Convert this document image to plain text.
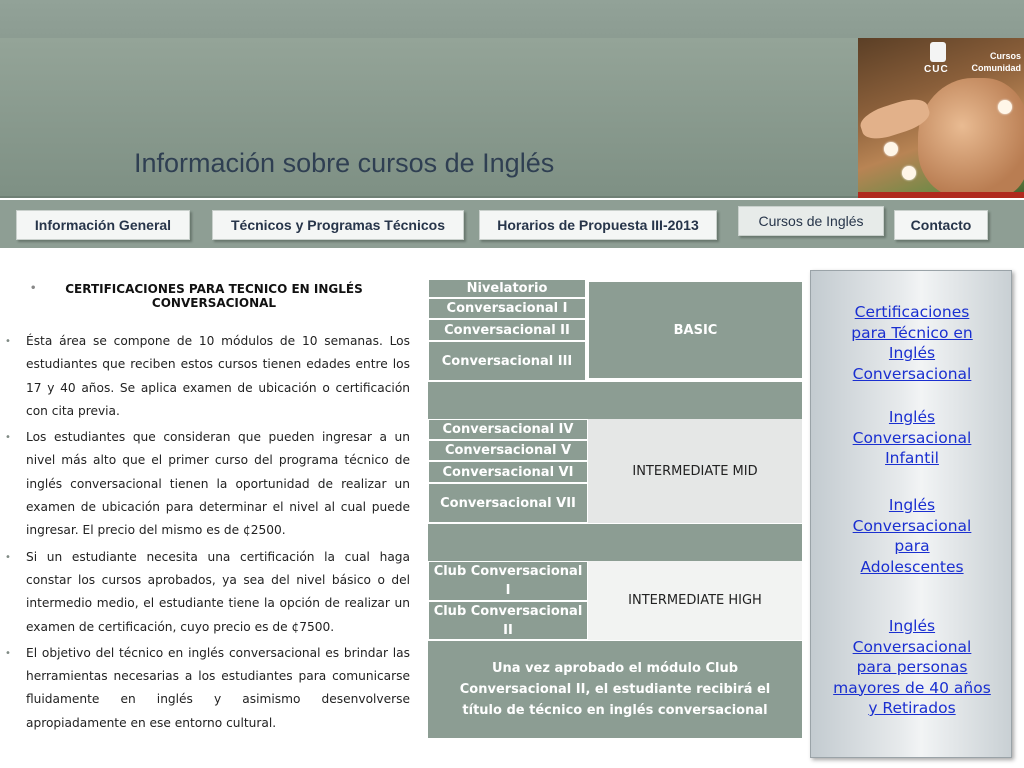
Información sobre cursos de Inglés
CUC
Cursos
Comunidad
Información General	Técnicos y Programas Técnicos	Horarios de Propuesta III-2013	Cursos de Inglés	Contacto
• CERTIFICACIONES PARA TECNICO EN INGLÉS CONVERSACIONAL
• Ésta área se compone de 10 módulos de 10 semanas. Los estudiantes que reciben estos cursos tienen edades entre los 17 y 40 años. Se aplica examen de ubicación o certificación con cita previa.
• Los estudiantes que consideran que pueden ingresar a un nivel más alto que el primer curso del programa técnico de inglés conversacional tienen la oportunidad de realizar un examen de ubicación para determinar el nivel al cual puede ingresar. El precio del mismo es de ¢2500.
• Si un estudiante necesita una certificación la cual haga constar los cursos aprobados, ya sea del nivel básico o del intermedio medio, el estudiante tiene la opción de realizar un examen de certificación, cuyo precio es de ¢7500.
• El objetivo del técnico en inglés conversacional es brindar las herramientas necesarias a los estudiantes para comunicarse fluidamente en inglés y asimismo desenvolverse apropiadamente en ese entorno cultural.
Nivelatorio
Conversacional I
Conversacional II
Conversacional III
BASIC
Conversacional IV
Conversacional V
Conversacional VI
Conversacional VII
INTERMEDIATE MID
Club Conversacional I
Club Conversacional II
INTERMEDIATE HIGH
Una vez aprobado el módulo Club Conversacional II, el estudiante recibirá el título de técnico en inglés conversacional
Certificaciones para Técnico en Inglés Conversacional
Inglés Conversacional Infantil
Inglés Conversacional para Adolescentes
Inglés Conversacional para personas mayores de 40 años y Retirados
